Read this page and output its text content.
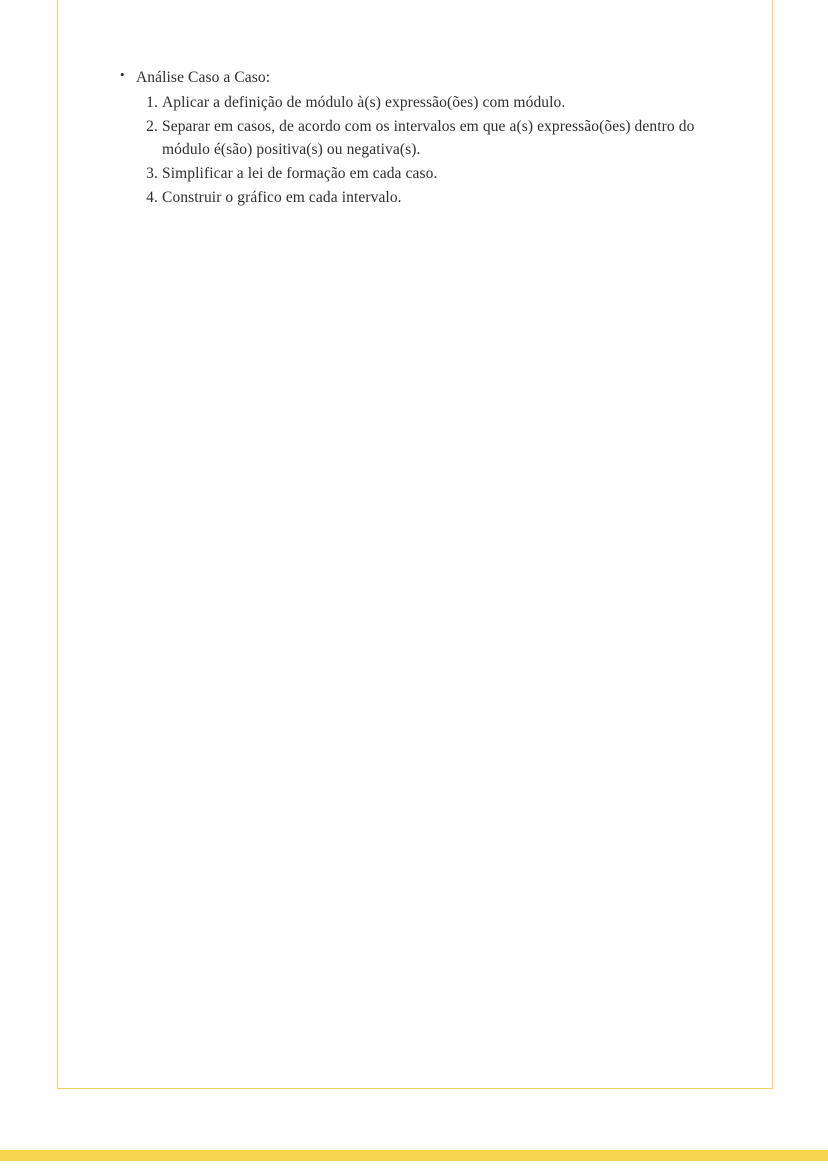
• Análise Caso a Caso:
Aplicar a definição de módulo à(s) expressão(ões) com módulo.
Separar em casos, de acordo com os intervalos em que a(s) expressão(ões) dentro do módulo é(são) positiva(s) ou negativa(s).
Simplificar a lei de formação em cada caso.
Construir o gráfico em cada intervalo.
